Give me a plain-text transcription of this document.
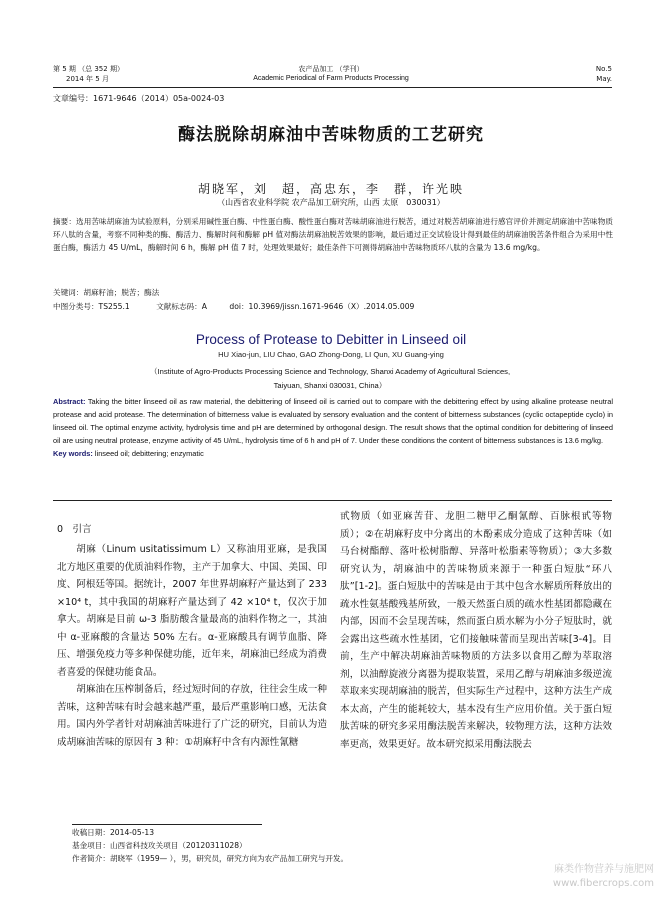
第 5 期 （总 352 期）
2014 年 5 月
农产品加工 （学刊）
Academic Periodical of Farm Products Processing
No.5
May.
文章编号：1671-9646（2014）05a-0024-03
酶法脱除胡麻油中苦味物质的工艺研究
胡晓军，刘　超，高忠东，李　群，许光映
（山西省农业科学院 农产品加工研究所，山西 太原　030031）
摘要：选用苦味胡麻油为试验原料，分别采用碱性蛋白酶、中性蛋白酶、酸性蛋白酶对苦味胡麻油进行脱苦，通过对脱苦胡麻油进行感官评价并测定胡麻油中苦味物质环八肽的含量，考察不同种类的酶、酶活力、酶解时间和酶解 pH 值对酶法胡麻油脱苦效果的影响，最后通过正交试验设计得到最佳的胡麻油脱苦条件组合为采用中性蛋白酶，酶活力 45 U/mL，酶解时间 6 h，酶解 pH 值 7 时，处理效果最好；最佳条件下可测得胡麻油中苦味物质环八肽的含量为 13.6 mg/kg。
关键词：胡麻籽油；脱苦；酶法
中图分类号：TS255.1	文献标志码：A	doi：10.3969/jissn.1671-9646（X）.2014.05.009
Process of Protease to Debitter in Linseed oil
HU Xiao-jun, LIU Chao, GAO Zhong-Dong, LI Qun, XU Guang-ying
（Institute of Agro-Products Processing Science and Technology, Shanxi Academy of Agricultural Sciences,
Taiyuan, Shanxi 030031, China）
Abstract: Taking the bitter linseed oil as raw material, the debittering of linseed oil is carried out to compare with the debittering effect by using alkaline protease neutral protease and acid protease. The determination of bitterness value is evaluated by sensory evaluation and the content of bitterness substances (cyclic octapeptide cyclo) in linseed oil. The optimal enzyme activity, hydrolysis time and pH are determined by orthogonal design. The result shows that the optimal condition for debittering of linseed oil are using neutral protease, enzyme activity of 45 U/mL, hydrolysis time of 6 h and pH of 7. Under these conditions the content of bitterness substances is 13.6 mg/kg.
Key words: linseed oil; debittering; enzymatic
0　引言

胡麻（Linum usitatissimum L）又称油用亚麻，是我国北方地区重要的优质油料作物，主产于加拿大、中国、美国、印度、阿根廷等国。据统计，2007 年世界胡麻籽产量达到了 233 ×10⁴ t，其中我国的胡麻籽产量达到了 42 ×10⁴ t，仅次于加拿大。胡麻是目前 ω-3 脂肪酸含量最高的油料作物之一，其油中 α-亚麻酸的含量达 50% 左右。α-亚麻酸具有调节血脂、降压、增强免疫力等多种保健功能，近年来，胡麻油已经成为消费者喜爱的保健功能食品。

胡麻油在压榨制备后，经过短时间的存放，往往会生成一种苦味，这种苦味有时会越来越严重，最后严重影响口感，无法食用。国内外学者针对胡麻油苦味进行了广泛的研究，目前认为造成胡麻油苦味的原因有 3 种：①胡麻籽中含有内源性氰糖

甙物质（如亚麻苦苷、龙胆二糖甲乙酮氰醇、百脉根甙等物质）；②在胡麻籽皮中分离出的木酚素成分造成了这种苦味（如马台树酯醇、落叶松树脂醇、异落叶松脂素等物质）；③大多数研究认为，胡麻油中的苦味物质来源于一种蛋白短肽“环八肽”[1-2]。蛋白短肽中的苦味是由于其中包含水解质所释放出的疏水性氨基酸残基所致，一般天然蛋白质的疏水性基团都隐藏在内部，因而不会呈现苦味，然而蛋白质水解为小分子短肽时，就会露出这些疏水性基团，它们接触味蕾而呈现出苦味[3-4]。目前，生产中解决胡麻油苦味物质的方法多以食用乙醇为萃取溶剂，以油醇旋液分离器为提取装置，采用乙醇与胡麻油多级逆流萃取来实现胡麻油的脱苦，但实际生产过程中，这种方法生产成本太高，产生的能耗较大，基本没有生产应用价值。关于蛋白短肽苦味的研究多采用酶法脱苦来解决，较物理方法，这种方法效率更高，效果更好。故本研究拟采用酶法脱去

收稿日期：2014-05-13
基金项目：山西省科技攻关项目（20120311028）
作者简介：胡晓军（1959— ），男，研究员，研究方向为农产品加工研究与开发。
麻类作物营养与施肥网
www.fibercrops.com
